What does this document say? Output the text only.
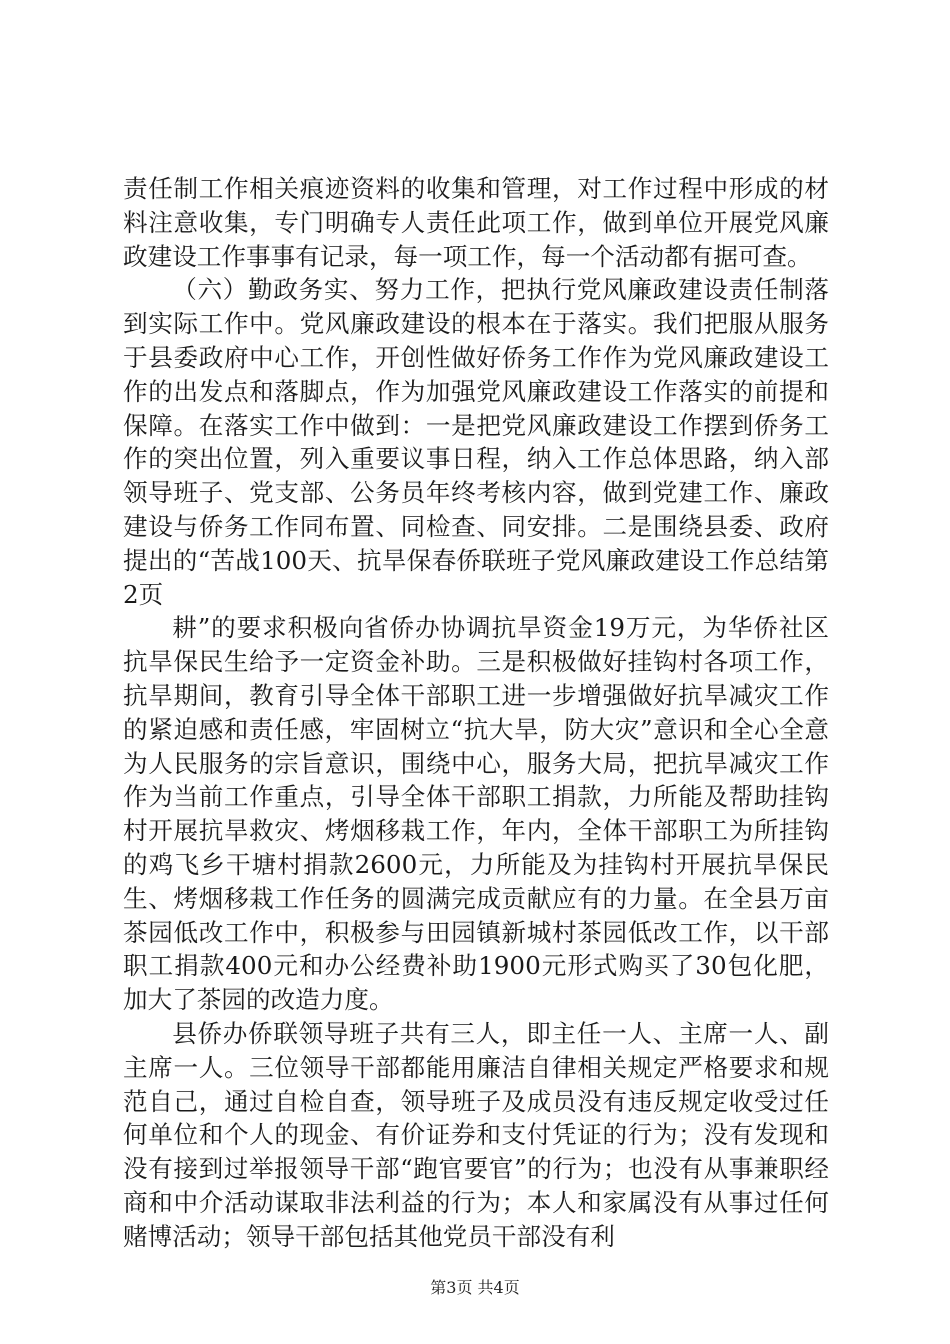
责任制工作相关痕迹资料的收集和管理，对工作过程中形成的材料注意收集，专门明确专人责任此项工作，做到单位开展党风廉政建设工作事事有记录，每一项工作，每一个活动都有据可查。

（六）勤政务实、努力工作，把执行党风廉政建设责任制落到实际工作中。党风廉政建设的根本在于落实。我们把服从服务于县委政府中心工作，开创性做好侨务工作作为党风廉政建设工作的出发点和落脚点，作为加强党风廉政建设工作落实的前提和保障。在落实工作中做到：一是把党风廉政建设工作摆到侨务工作的突出位置，列入重要议事日程，纳入工作总体思路，纳入部领导班子、党支部、公务员年终考核内容，做到党建工作、廉政建设与侨务工作同布置、同检查、同安排。二是围绕县委、政府提出的“苦战100天、抗旱保春侨联班子党风廉政建设工作总结第2页

耕”的要求积极向省侨办协调抗旱资金19万元，为华侨社区抗旱保民生给予一定资金补助。三是积极做好挂钩村各项工作，抗旱期间，教育引导全体干部职工进一步增强做好抗旱减灾工作的紧迫感和责任感，牢固树立“抗大旱，防大灾”意识和全心全意为人民服务的宗旨意识，围绕中心，服务大局，把抗旱减灾工作作为当前工作重点，引导全体干部职工捐款，力所能及帮助挂钩村开展抗旱救灾、烤烟移栽工作，年内，全体干部职工为所挂钩的鸡飞乡干塘村捐款2600元，力所能及为挂钩村开展抗旱保民生、烤烟移栽工作任务的圆满完成贡献应有的力量。在全县万亩茶园低改工作中，积极参与田园镇新城村茶园低改工作，以干部职工捐款400元和办公经费补助1900元形式购买了30包化肥，加大了茶园的改造力度。

县侨办侨联领导班子共有三人，即主任一人、主席一人、副主席一人。三位领导干部都能用廉洁自律相关规定严格要求和规范自己，通过自检自查，领导班子及成员没有违反规定收受过任何单位和个人的现金、有价证券和支付凭证的行为；没有发现和没有接到过举报领导干部“跑官要官”的行为；也没有从事兼职经商和中介活动谋取非法利益的行为；本人和家属没有从事过任何赌博活动；领导干部包括其他党员干部没有利

第3页 共4页
